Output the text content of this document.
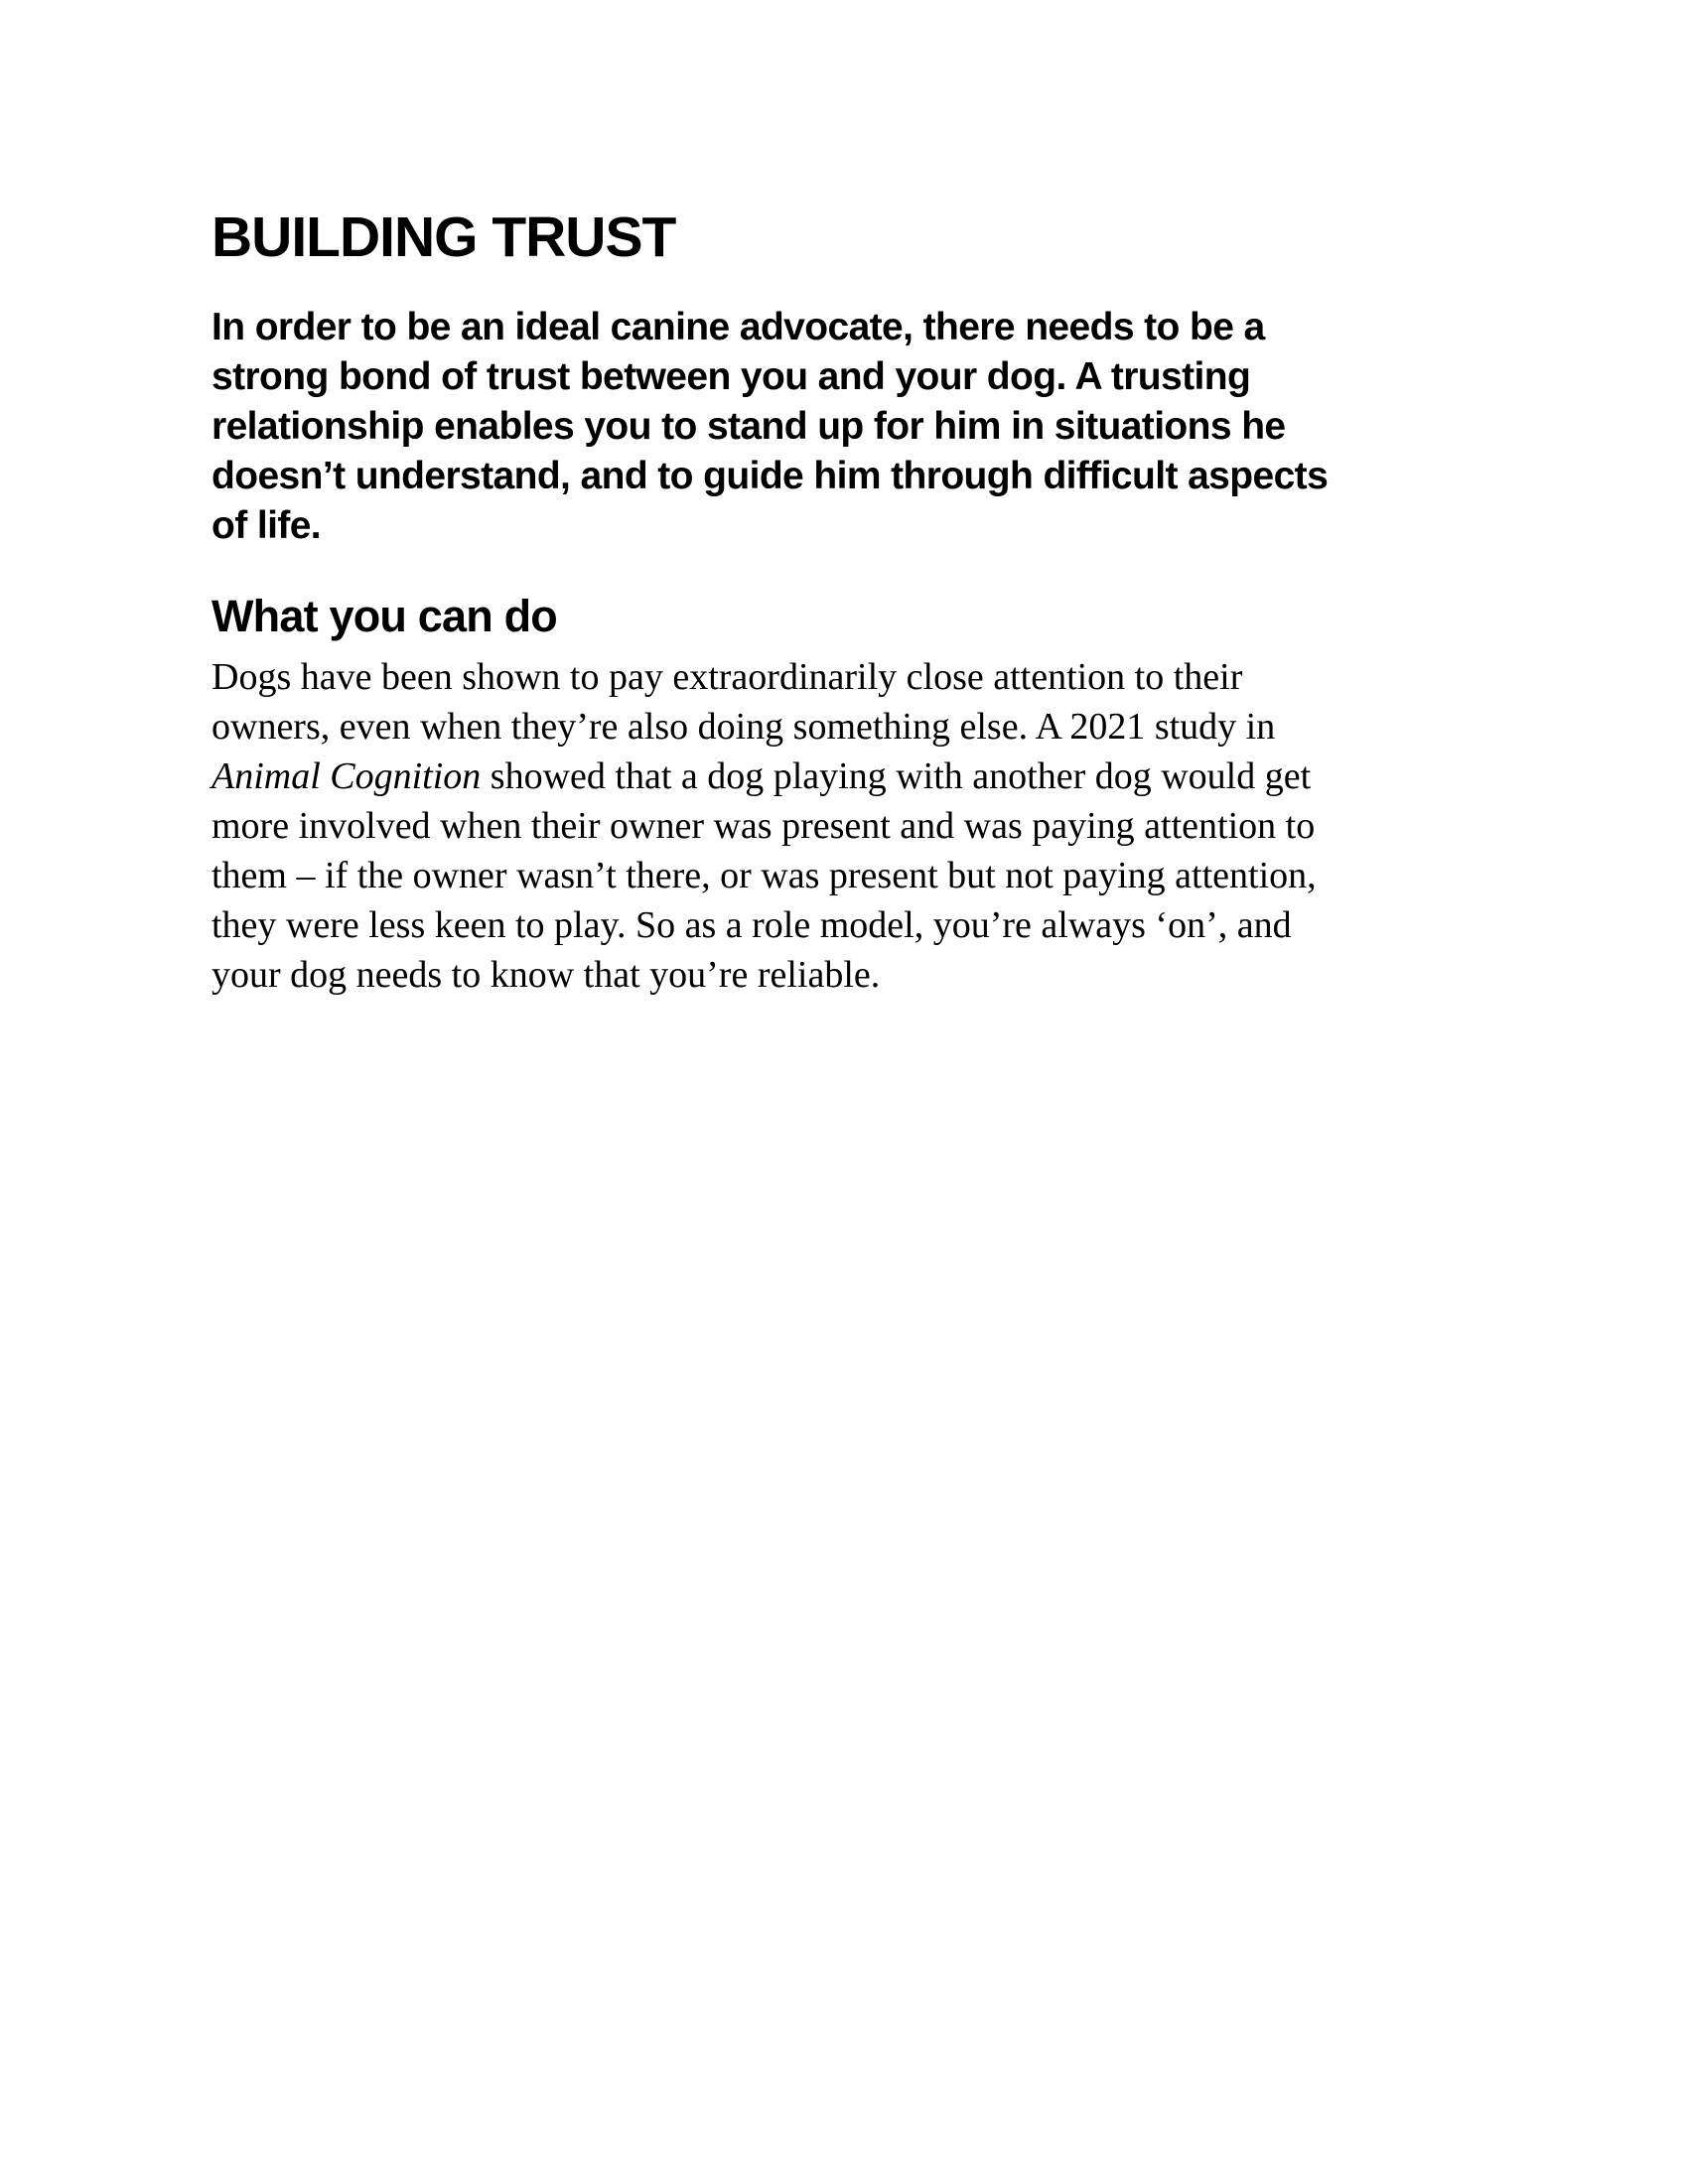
BUILDING TRUST

In order to be an ideal canine advocate, there needs to be a
strong bond of trust between you and your dog. A trusting
relationship enables you to stand up for him in situations he
doesn’t understand, and to guide him through difficult aspects
of life.

What you can do

Dogs have been shown to pay extraordinarily close attention to their
owners, even when they’re also doing something else. A 2021 study in
Animal Cognition showed that a dog playing with another dog would get
more involved when their owner was present and was paying attention to
them – if the owner wasn’t there, or was present but not paying attention,
they were less keen to play. So as a role model, you’re always ‘on’, and
your dog needs to know that you’re reliable.
